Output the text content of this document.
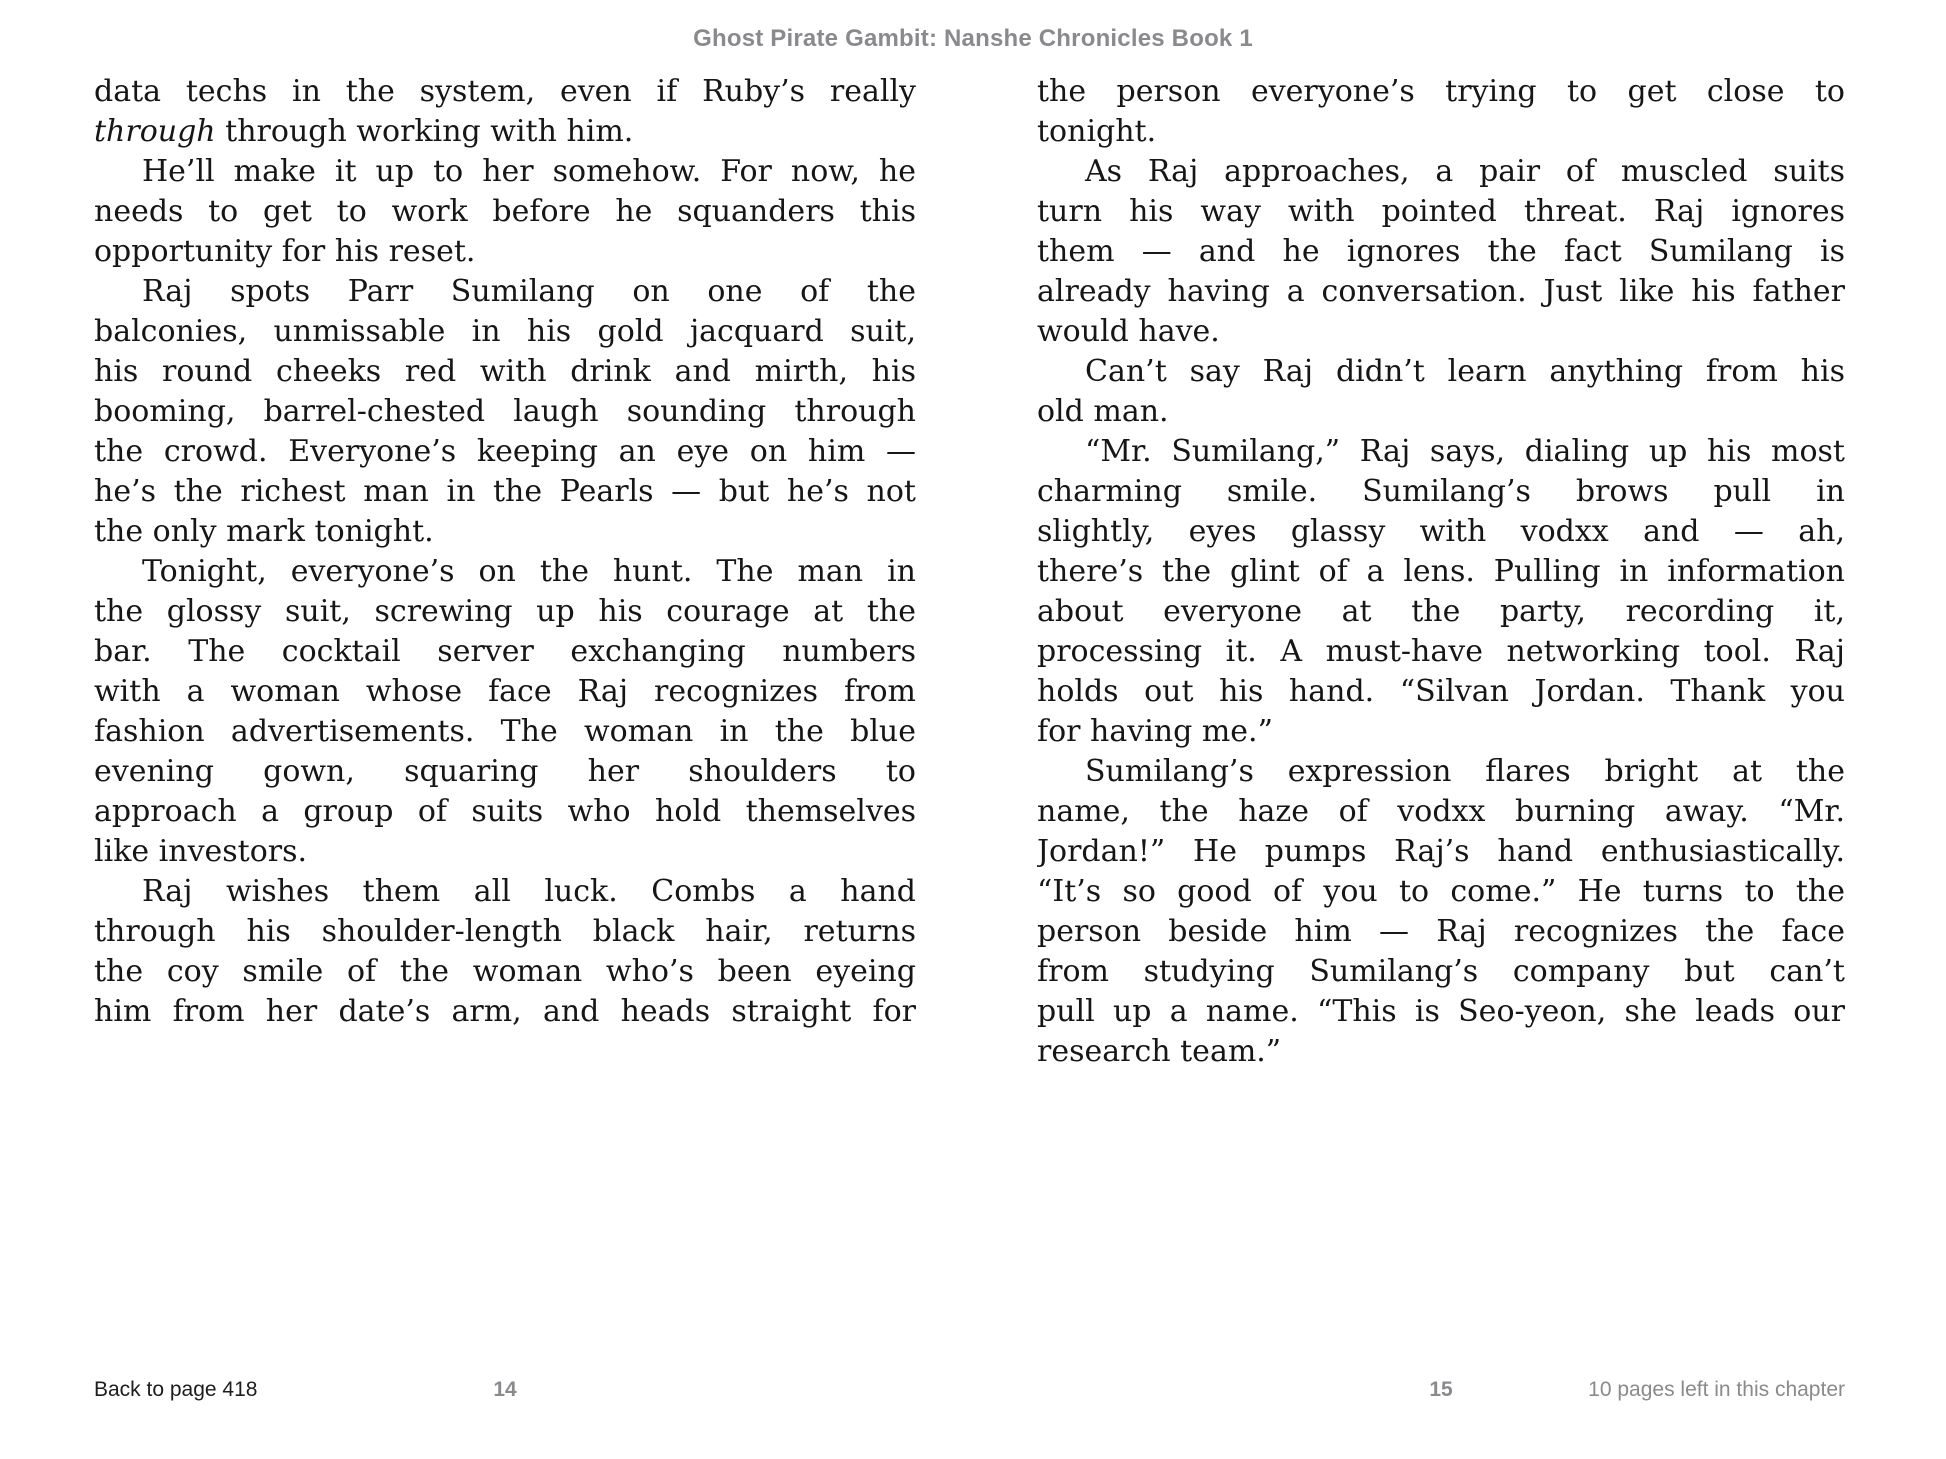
Ghost Pirate Gambit: Nanshe Chronicles Book 1
data techs in the system, even if Ruby’s really
through through working with him.
He’ll make it up to her somehow. For now, he
needs to get to work before he squanders this
opportunity for his reset.
Raj spots Parr Sumilang on one of the
balconies, unmissable in his gold jacquard suit,
his round cheeks red with drink and mirth, his
booming, barrel-chested laugh sounding through
the crowd. Everyone’s keeping an eye on him —
he’s the richest man in the Pearls — but he’s not
the only mark tonight.
Tonight, everyone’s on the hunt. The man in
the glossy suit, screwing up his courage at the
bar. The cocktail server exchanging numbers
with a woman whose face Raj recognizes from
fashion advertisements. The woman in the blue
evening gown, squaring her shoulders to
approach a group of suits who hold themselves
like investors.
Raj wishes them all luck. Combs a hand
through his shoulder-length black hair, returns
the coy smile of the woman who’s been eyeing
him from her date’s arm, and heads straight for
the person everyone’s trying to get close to
tonight.
As Raj approaches, a pair of muscled suits
turn his way with pointed threat. Raj ignores
them — and he ignores the fact Sumilang is
already having a conversation. Just like his father
would have.
Can’t say Raj didn’t learn anything from his
old man.
“Mr. Sumilang,” Raj says, dialing up his most
charming smile. Sumilang’s brows pull in
slightly, eyes glassy with vodxx and — ah,
there’s the glint of a lens. Pulling in information
about everyone at the party, recording it,
processing it. A must-have networking tool. Raj
holds out his hand. “Silvan Jordan. Thank you
for having me.”
Sumilang’s expression flares bright at the
name, the haze of vodxx burning away. “Mr.
Jordan!” He pumps Raj’s hand enthusiastically.
“It’s so good of you to come.” He turns to the
person beside him — Raj recognizes the face
from studying Sumilang’s company but can’t
pull up a name. “This is Seo-yeon, she leads our
research team.”
Back to page 418	14	15	10 pages left in this chapter
